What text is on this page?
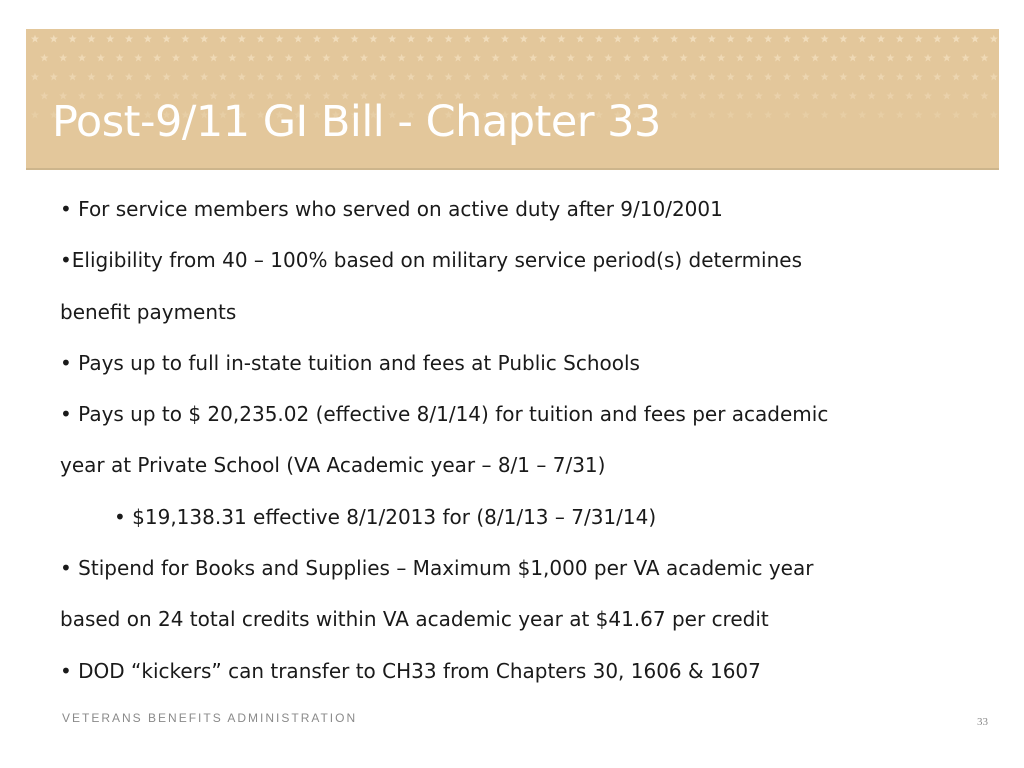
Post-9/11 GI Bill - Chapter 33
• For service members who served on active duty after 9/10/2001
•Eligibility from 40 – 100% based on military service period(s) determines
benefit payments
• Pays up to full in-state tuition and fees at Public Schools
• Pays up to $ 20,235.02 (effective 8/1/14) for tuition and fees per academic
year at Private School (VA Academic year – 8/1 – 7/31)
• $19,138.31 effective 8/1/2013 for (8/1/13 – 7/31/14)
• Stipend for Books and Supplies – Maximum $1,000 per VA academic year
based on 24 total credits within VA academic year at $41.67 per credit
• DOD “kickers” can transfer to CH33 from Chapters 30, 1606 & 1607
VETERANS BENEFITS ADMINISTRATION	33
